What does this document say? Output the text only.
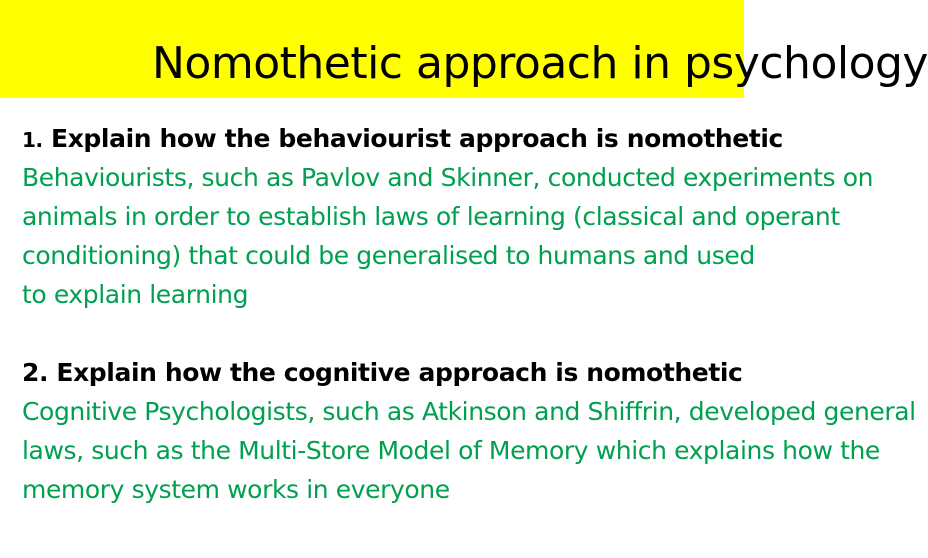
Nomothetic approach in psychology
1. Explain how the behaviourist approach is nomothetic
Behaviourists, such as Pavlov and Skinner, conducted experiments on
animals in order to establish laws of learning (classical and operant
conditioning) that could be generalised to humans and used
to explain learning
2. Explain how the cognitive approach is nomothetic
Cognitive Psychologists, such as Atkinson and Shiffrin, developed general
laws, such as the Multi-Store Model of Memory which explains how the
memory system works in everyone
